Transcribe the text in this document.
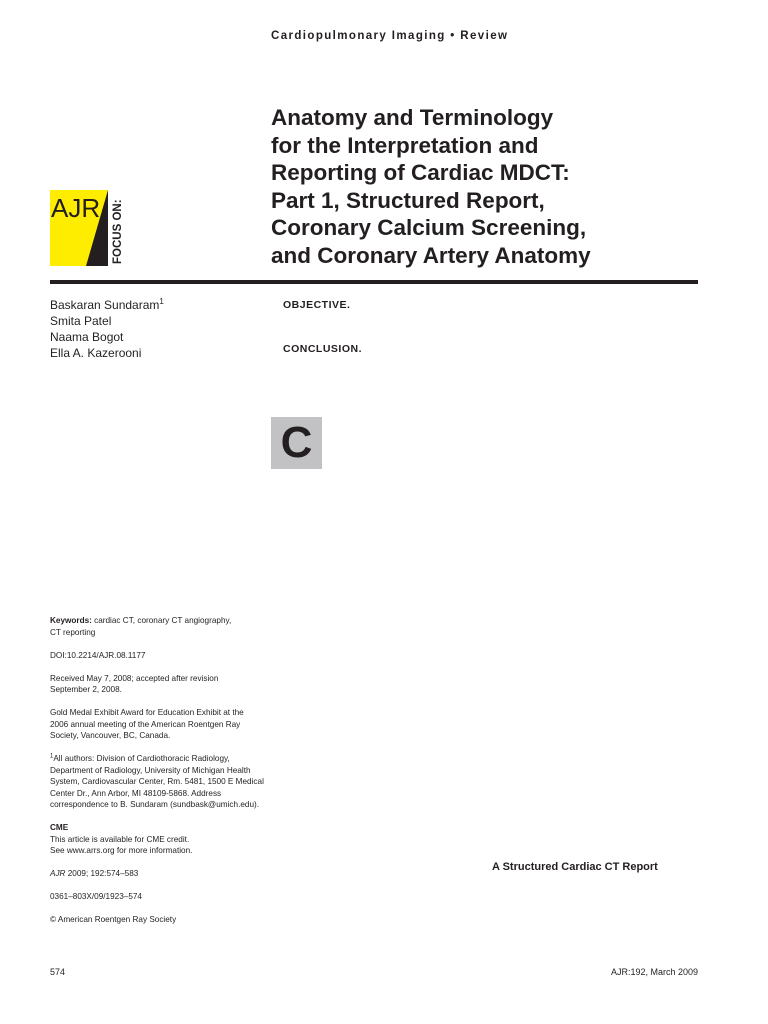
Cardiopulmonary Imaging • Review
AJR FOCUS ON:
Anatomy and Terminology
for the Interpretation and
Reporting of Cardiac MDCT:
Part 1, Structured Report,
Coronary Calcium Screening,
and Coronary Artery Anatomy
Baskaran Sundaram$^1$
Smita Patel
Naama Bogot
Ella A. Kazerooni
OBJECTIVE.
CONCLUSION.
C

Keywords: cardiac CT, coronary CT angiography,
CT reporting

DOI:10.2214/AJR.08.1177

Received May 7, 2008; accepted after revision
September 2, 2008.

Gold Medal Exhibit Award for Education Exhibit at the
2006 annual meeting of the American Roentgen Ray
Society, Vancouver, BC, Canada.

$^1$All authors: Division of Cardiothoracic Radiology,
Department of Radiology, University of Michigan Health
System, Cardiovascular Center, Rm. 5481, 1500 E Medical
Center Dr., Ann Arbor, MI 48109-5868. Address
correspondence to B. Sundaram (sundbask@umich.edu).

CME
This article is available for CME credit.
See www.arrs.org for more information.

AJR 2009; 192:574–583

0361–803X/09/1923–574

© American Roentgen Ray Society

A Structured Cardiac CT Report
574	AJR:192, March 2009
